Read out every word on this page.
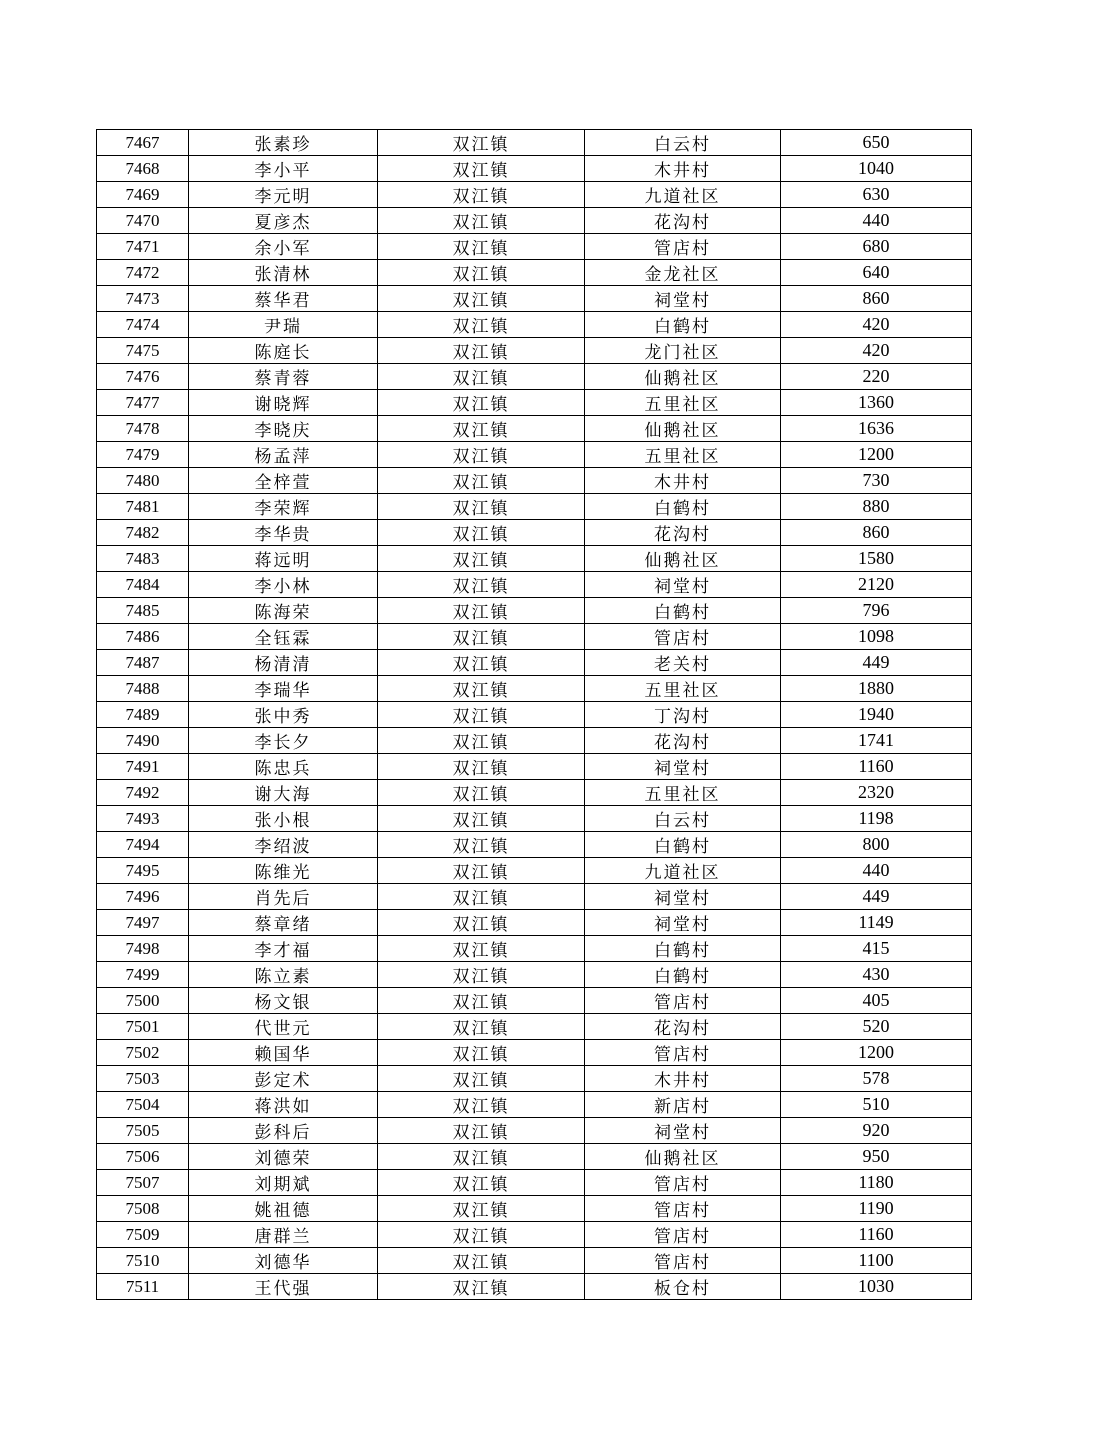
7467	张素珍	双江镇	白云村	650
7468	李小平	双江镇	木井村	1040
7469	李元明	双江镇	九道社区	630
7470	夏彦杰	双江镇	花沟村	440
7471	余小军	双江镇	管店村	680
7472	张清林	双江镇	金龙社区	640
7473	蔡华君	双江镇	祠堂村	860
7474	尹瑞	双江镇	白鹤村	420
7475	陈庭长	双江镇	龙门社区	420
7476	蔡青蓉	双江镇	仙鹅社区	220
7477	谢晓辉	双江镇	五里社区	1360
7478	李晓庆	双江镇	仙鹅社区	1636
7479	杨孟萍	双江镇	五里社区	1200
7480	全梓萱	双江镇	木井村	730
7481	李荣辉	双江镇	白鹤村	880
7482	李华贵	双江镇	花沟村	860
7483	蒋远明	双江镇	仙鹅社区	1580
7484	李小林	双江镇	祠堂村	2120
7485	陈海荣	双江镇	白鹤村	796
7486	全钰霖	双江镇	管店村	1098
7487	杨清清	双江镇	老关村	449
7488	李瑞华	双江镇	五里社区	1880
7489	张中秀	双江镇	丁沟村	1940
7490	李长夕	双江镇	花沟村	1741
7491	陈忠兵	双江镇	祠堂村	1160
7492	谢大海	双江镇	五里社区	2320
7493	张小根	双江镇	白云村	1198
7494	李绍波	双江镇	白鹤村	800
7495	陈维光	双江镇	九道社区	440
7496	肖先后	双江镇	祠堂村	449
7497	蔡章绪	双江镇	祠堂村	1149
7498	李才福	双江镇	白鹤村	415
7499	陈立素	双江镇	白鹤村	430
7500	杨文银	双江镇	管店村	405
7501	代世元	双江镇	花沟村	520
7502	赖国华	双江镇	管店村	1200
7503	彭定术	双江镇	木井村	578
7504	蒋洪如	双江镇	新店村	510
7505	彭科后	双江镇	祠堂村	920
7506	刘德荣	双江镇	仙鹅社区	950
7507	刘期斌	双江镇	管店村	1180
7508	姚祖德	双江镇	管店村	1190
7509	唐群兰	双江镇	管店村	1160
7510	刘德华	双江镇	管店村	1100
7511	王代强	双江镇	板仓村	1030
